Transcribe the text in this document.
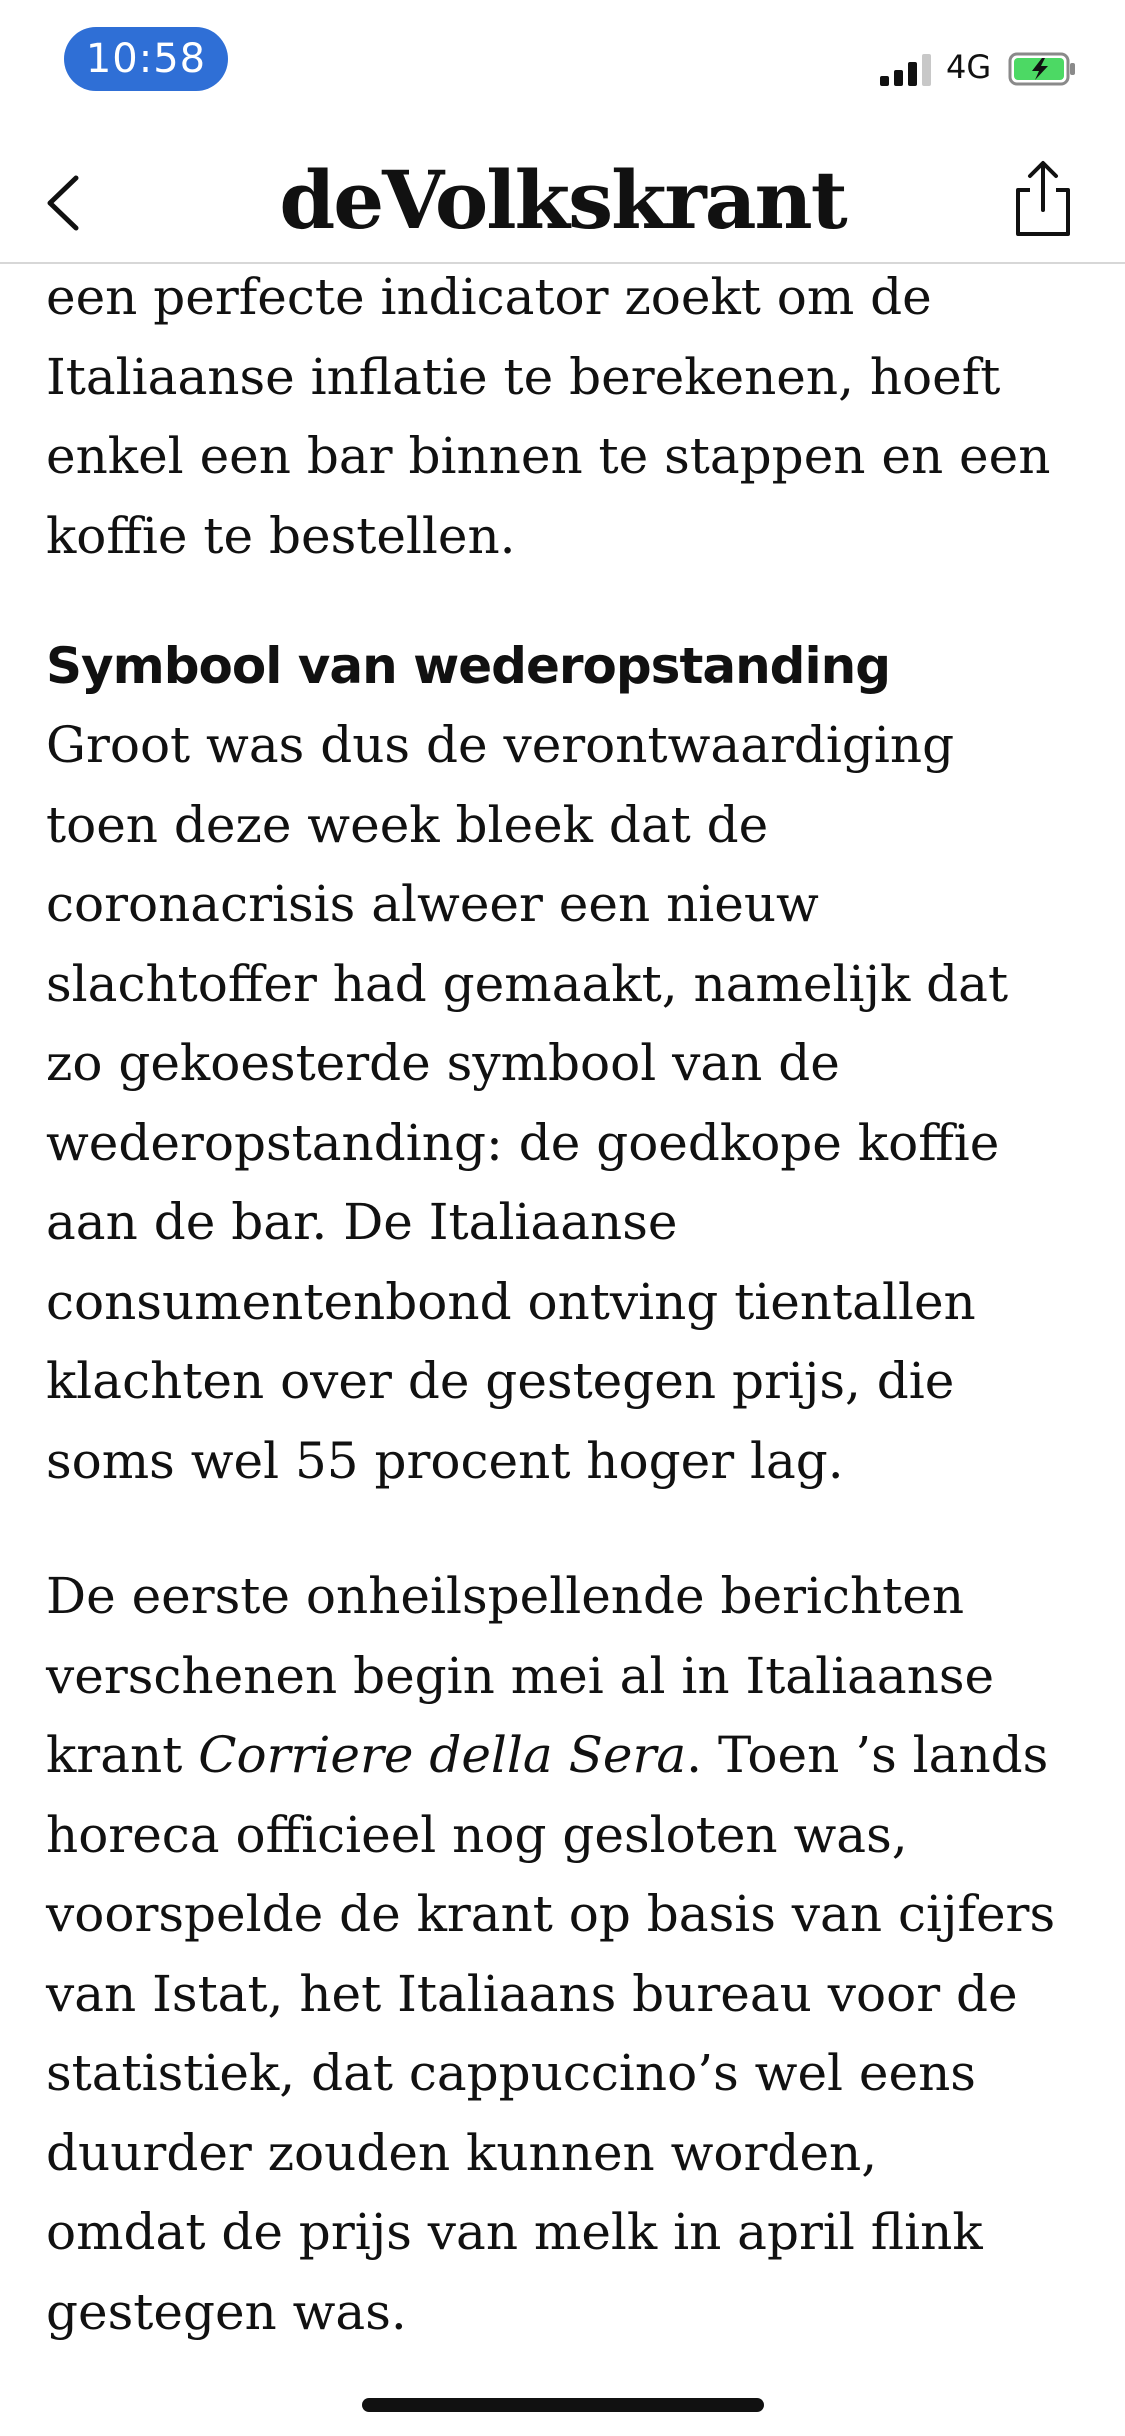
10:58	4G
deVolkskrant
een perfecte indicator zoekt om de
Italiaanse inflatie te berekenen, hoeft
enkel een bar binnen te stappen en een
koffie te bestellen.
Symbool van wederopstanding
Groot was dus de verontwaardiging
toen deze week bleek dat de
coronacrisis alweer een nieuw
slachtoffer had gemaakt, namelijk dat
zo gekoesterde symbool van de
wederopstanding: de goedkope koffie
aan de bar. De Italiaanse
consumentenbond ontving tientallen
klachten over de gestegen prijs, die
soms wel 55 procent hoger lag.
De eerste onheilspellende berichten
verschenen begin mei al in Italiaanse
krant Corriere della Sera. Toen ’s lands
horeca officieel nog gesloten was,
voorspelde de krant op basis van cijfers
van Istat, het Italiaans bureau voor de
statistiek, dat cappuccino’s wel eens
duurder zouden kunnen worden,
omdat de prijs van melk in april flink
gestegen was.
